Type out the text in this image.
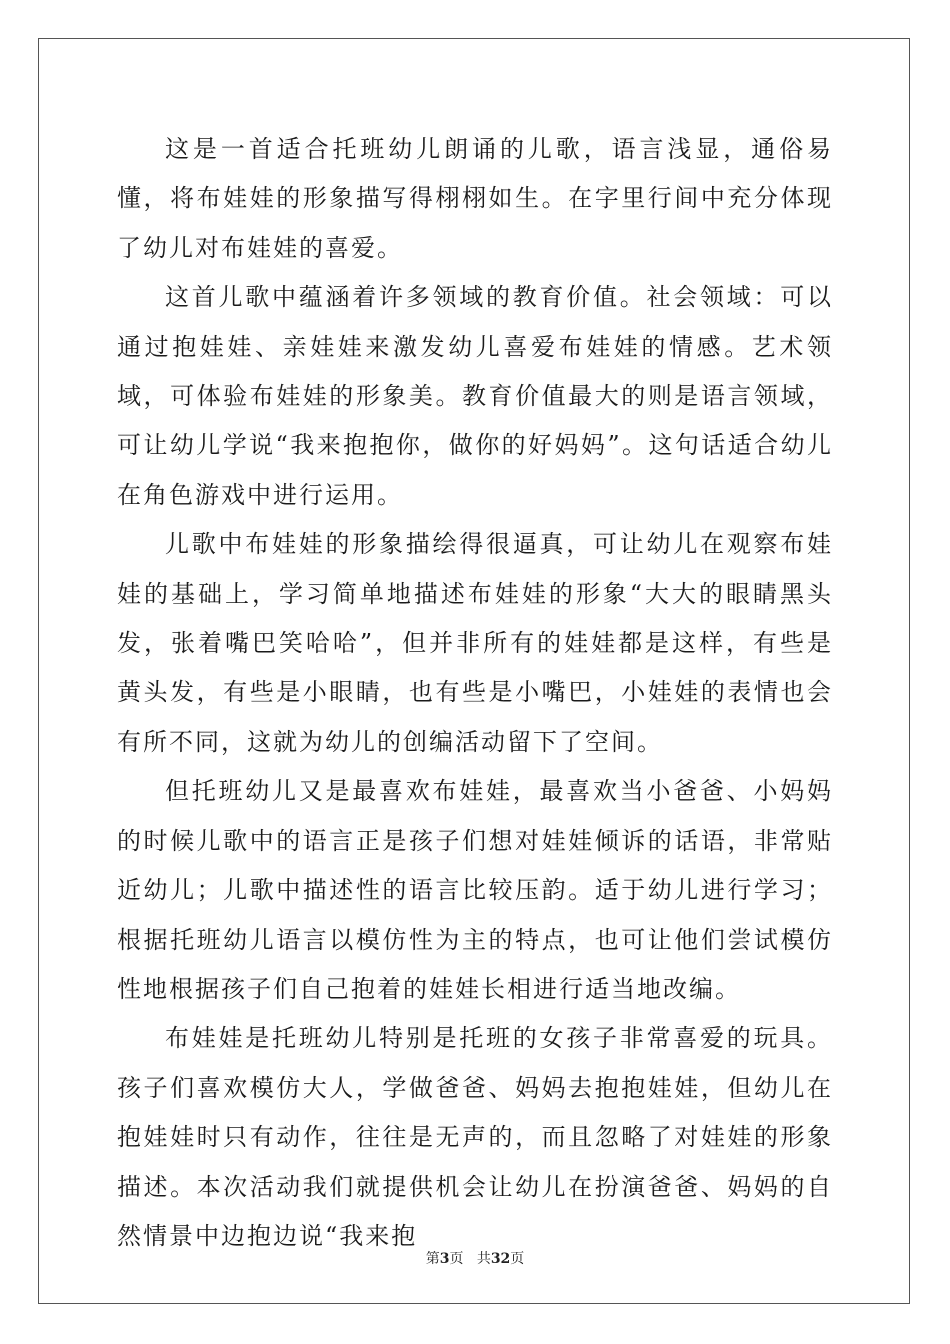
这是一首适合托班幼儿朗诵的儿歌，语言浅显，通俗易懂，将布娃娃的形象描写得栩栩如生。在字里行间中充分体现了幼儿对布娃娃的喜爱。

这首儿歌中蕴涵着许多领域的教育价值。社会领域：可以通过抱娃娃、亲娃娃来激发幼儿喜爱布娃娃的情感。艺术领域，可体验布娃娃的形象美。教育价值最大的则是语言领域，可让幼儿学说“我来抱抱你，做你的好妈妈”。这句话适合幼儿在角色游戏中进行运用。

儿歌中布娃娃的形象描绘得很逼真，可让幼儿在观察布娃娃的基础上，学习简单地描述布娃娃的形象“大大的眼睛黑头发，张着嘴巴笑哈哈”，但并非所有的娃娃都是这样，有些是黄头发，有些是小眼睛，也有些是小嘴巴，小娃娃的表情也会有所不同，这就为幼儿的创编活动留下了空间。

但托班幼儿又是最喜欢布娃娃，最喜欢当小爸爸、小妈妈的时候儿歌中的语言正是孩子们想对娃娃倾诉的话语，非常贴近幼儿；儿歌中描述性的语言比较压韵。适于幼儿进行学习；根据托班幼儿语言以模仿性为主的特点，也可让他们尝试模仿性地根据孩子们自己抱着的娃娃长相进行适当地改编。

布娃娃是托班幼儿特别是托班的女孩子非常喜爱的玩具。孩子们喜欢模仿大人，学做爸爸、妈妈去抱抱娃娃，但幼儿在抱娃娃时只有动作，往往是无声的，而且忽略了对娃娃的形象描述。本次活动我们就提供机会让幼儿在扮演爸爸、妈妈的自然情景中边抱边说“我来抱

第3页 共32页
